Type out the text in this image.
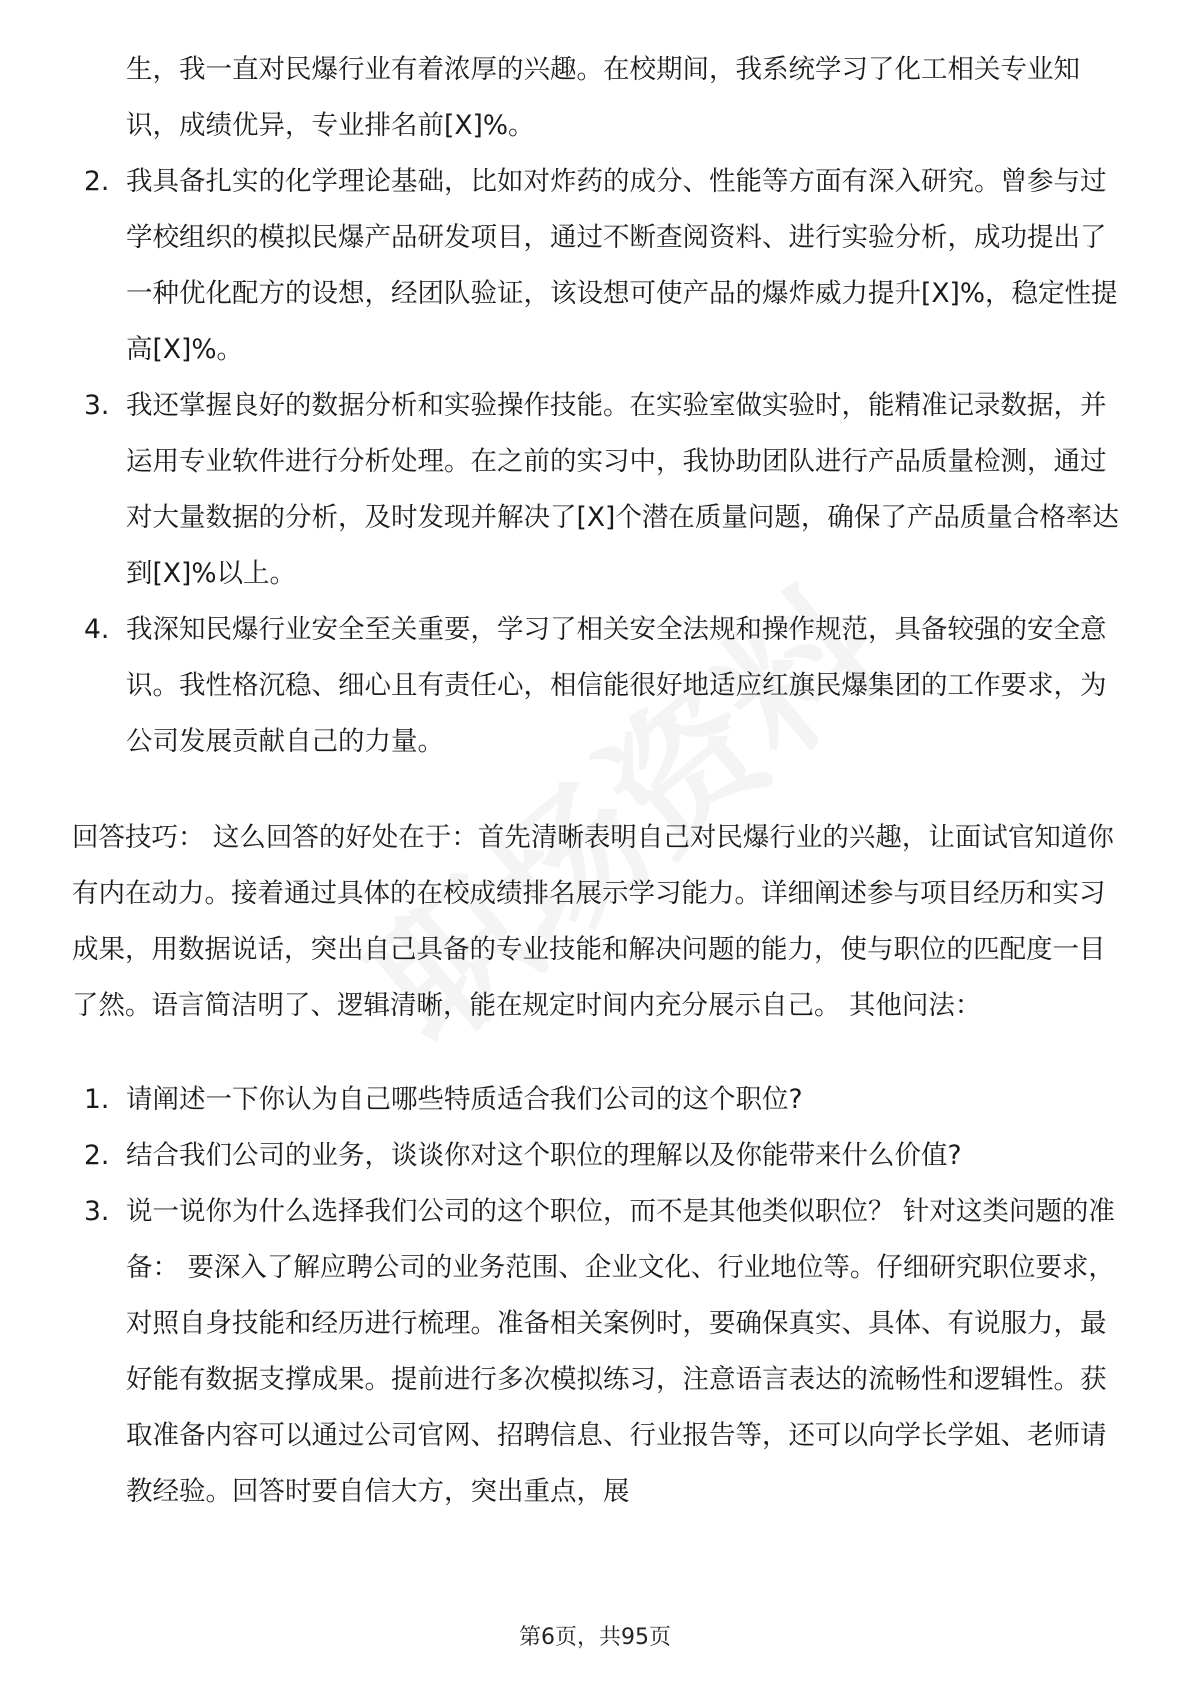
生，我一直对民爆行业有着浓厚的兴趣。在校期间，我系统学习了化工相关专业知识，成绩优异，专业排名前[X]%。
2. 我具备扎实的化学理论基础，比如对炸药的成分、性能等方面有深入研究。曾参与过学校组织的模拟民爆产品研发项目，通过不断查阅资料、进行实验分析，成功提出了一种优化配方的设想，经团队验证，该设想可使产品的爆炸威力提升[X]%，稳定性提高[X]%。
3. 我还掌握良好的数据分析和实验操作技能。在实验室做实验时，能精准记录数据，并运用专业软件进行分析处理。在之前的实习中，我协助团队进行产品质量检测，通过对大量数据的分析，及时发现并解决了[X]个潜在质量问题，确保了产品质量合格率达到[X]%以上。
4. 我深知民爆行业安全至关重要，学习了相关安全法规和操作规范，具备较强的安全意识。我性格沉稳、细心且有责任心，相信能很好地适应红旗民爆集团的工作要求，为公司发展贡献自己的力量。

回答技巧： 这么回答的好处在于：首先清晰表明自己对民爆行业的兴趣，让面试官知道你有内在动力。接着通过具体的在校成绩排名展示学习能力。详细阐述参与项目经历和实习成果，用数据说话，突出自己具备的专业技能和解决问题的能力，使与职位的匹配度一目了然。语言简洁明了、逻辑清晰，能在规定时间内充分展示自己。 其他问法：

1. 请阐述一下你认为自己哪些特质适合我们公司的这个职位?
2. 结合我们公司的业务，谈谈你对这个职位的理解以及你能带来什么价值?
3. 说一说你为什么选择我们公司的这个职位，而不是其他类似职位？ 针对这类问题的准备： 要深入了解应聘公司的业务范围、企业文化、行业地位等。仔细研究职位要求，对照自身技能和经历进行梳理。准备相关案例时，要确保真实、具体、有说服力，最好能有数据支撑成果。提前进行多次模拟练习，注意语言表达的流畅性和逻辑性。获取准备内容可以通过公司官网、招聘信息、行业报告等，还可以向学长学姐、老师请教经验。回答时要自信大方，突出重点，展
第6页，共95页
